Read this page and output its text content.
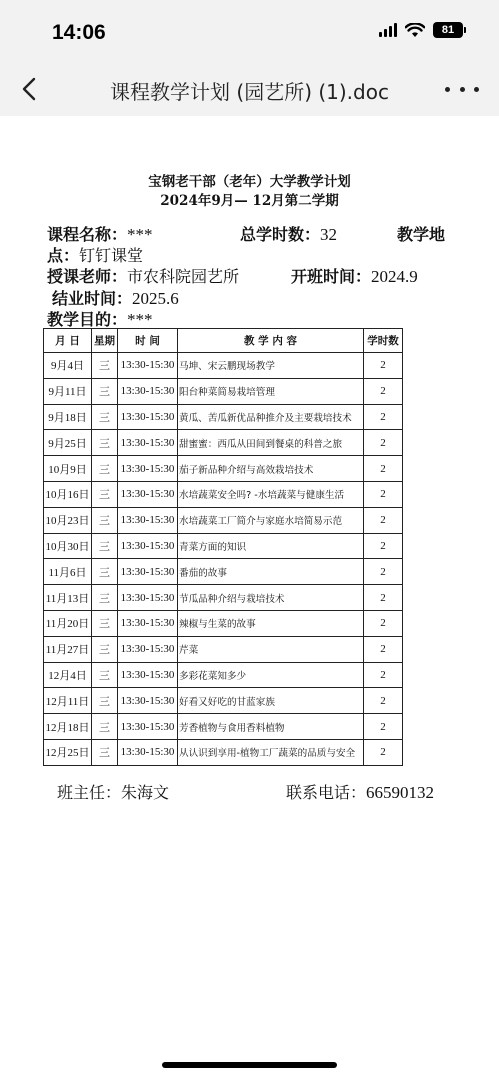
14:06	81
课程教学计划 (园艺所) (1).doc
宝钢老干部（老年）大学教学计划
2024年9月— 12月第二学期
课程名称：***	总学时数：32	教学地
点：钉钉课堂
授课老师：市农科院园艺所	开班时间：2024.9
结业时间：2025.6
教学目的：***
月 日	星期	时 间	教 学 内 容	学时数
9月4日	三	13:30-15:30	马坤、宋云鹏现场教学	2
9月11日	三	13:30-15:30	阳台种菜简易栽培管理	2
9月18日	三	13:30-15:30	黄瓜、苦瓜新优品种推介及主要栽培技术	2
9月25日	三	13:30-15:30	甜蜜蜜：西瓜从田间到餐桌的科普之旅	2
10月9日	三	13:30-15:30	茄子新品种介绍与高效栽培技术	2
10月16日	三	13:30-15:30	水培蔬菜安全吗? -水培蔬菜与健康生活	2
10月23日	三	13:30-15:30	水培蔬菜工厂简介与家庭水培简易示范	2
10月30日	三	13:30-15:30	青菜方面的知识	2
11月6日	三	13:30-15:30	番茄的故事	2
11月13日	三	13:30-15:30	节瓜品种介绍与栽培技术	2
11月20日	三	13:30-15:30	辣椒与生菜的故事	2
11月27日	三	13:30-15:30	芹菜	2
12月4日	三	13:30-15:30	多彩花菜知多少	2
12月11日	三	13:30-15:30	好看又好吃的甘蓝家族	2
12月18日	三	13:30-15:30	芳香植物与食用香料植物	2
12月25日	三	13:30-15:30	从认识到享用-植物工厂蔬菜的品质与安全	2
班主任：朱海文	联系电话：66590132
